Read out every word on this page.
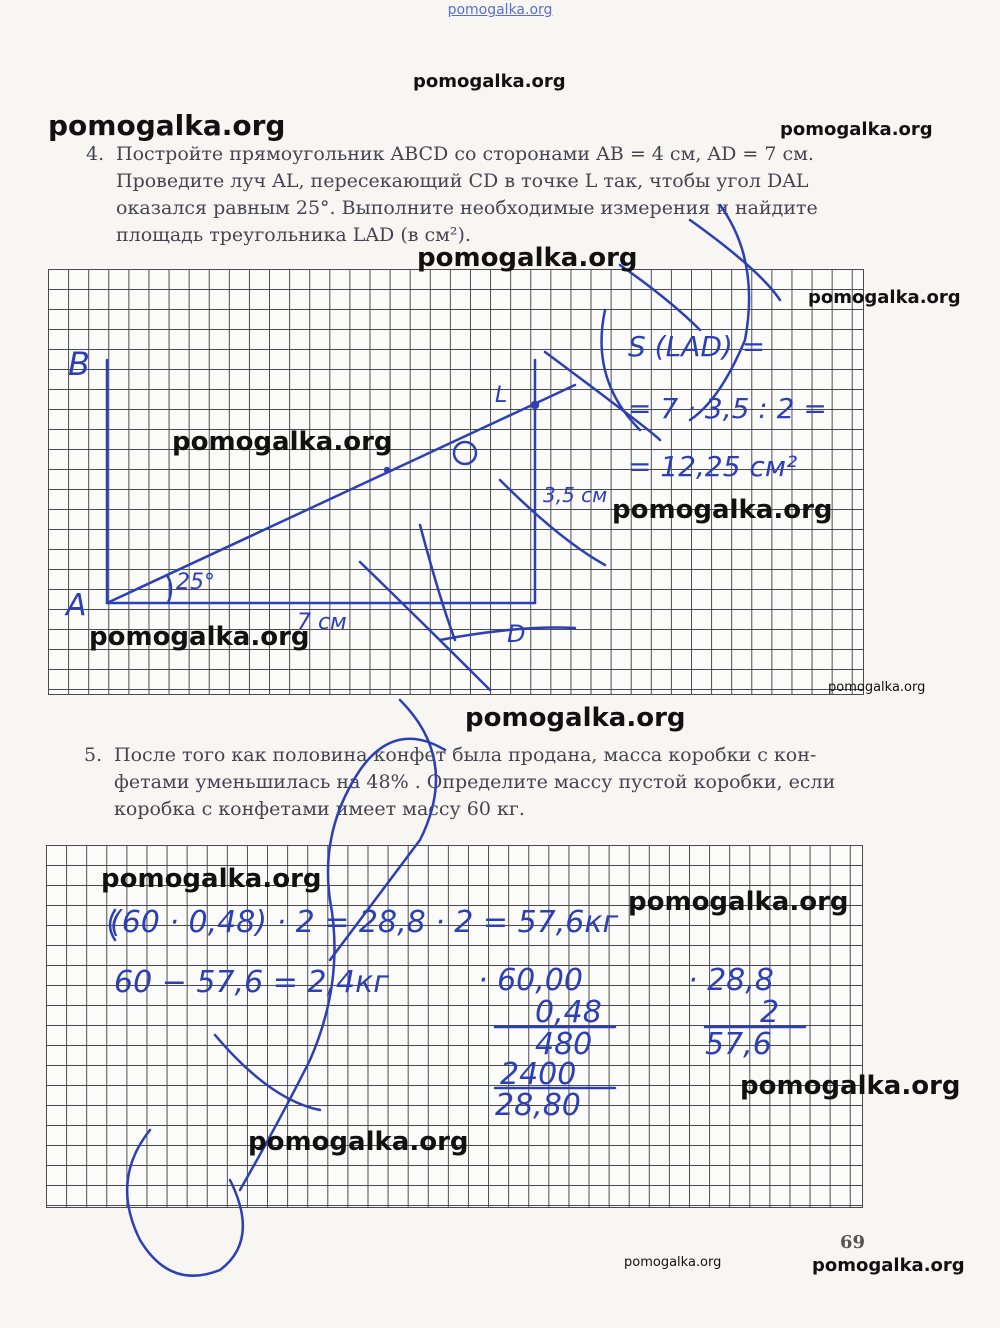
pomogalka.org
4. Постройте прямоугольник ABCD со сторонами AB = 4 см, AD = 7 см.
Проведите луч AL, пересекающий CD в точке L так, чтобы угол DAL
оказался равным 25°. Выполните необходимые измерения и найдите
площадь треугольника LAD (в см²).
5. После того как половина конфет была продана, масса коробки с кон-
фетами уменьшилась на 48% . Определите массу пустой коробки, если
коробка с конфетами имеет массу 60 кг.
B
A
L
D
25°
7 см
3,5 см
S (LAD) =
= 7 · 3,5 : 2 =
= 12,25 см²
(60 · 0,48) · 2 = 28,8 · 2 = 57,6кг
60 − 57,6 = 2,4кг	· 60,00
0,48
480
2400
28,80
· 28,8
2
57,6
69
pomogalka.org
pomogalka.org	pomogalka.org
pomogalka.org
pomogalka.org
pomogalka.org
pomogalka.org
pomogalka.org
pomogalka.org
pomogalka.org
pomogalka.org
pomogalka.org
pomogalka.org
pomogalka.org
pomogalka.org	pomogalka.org
